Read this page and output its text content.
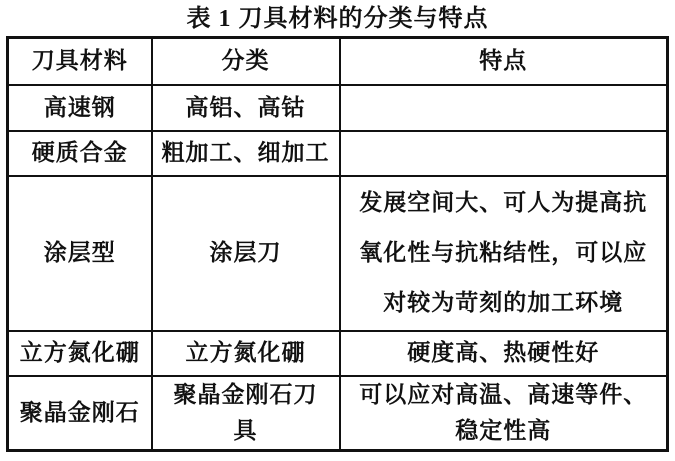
表 1 刀具材料的分类与特点
刀具材料	分类	特点
高速钢	高铝、高钴	
硬质合金	粗加工、细加工	
涂层型	涂层刀	发展空间大、可人为提高抗氧化性与抗粘结性，可以应对较为苛刻的加工环境
立方氮化硼	立方氮化硼	硬度高、热硬性好
聚晶金刚石	聚晶金刚石刀具	可以应对高温、高速等件、稳定性高
